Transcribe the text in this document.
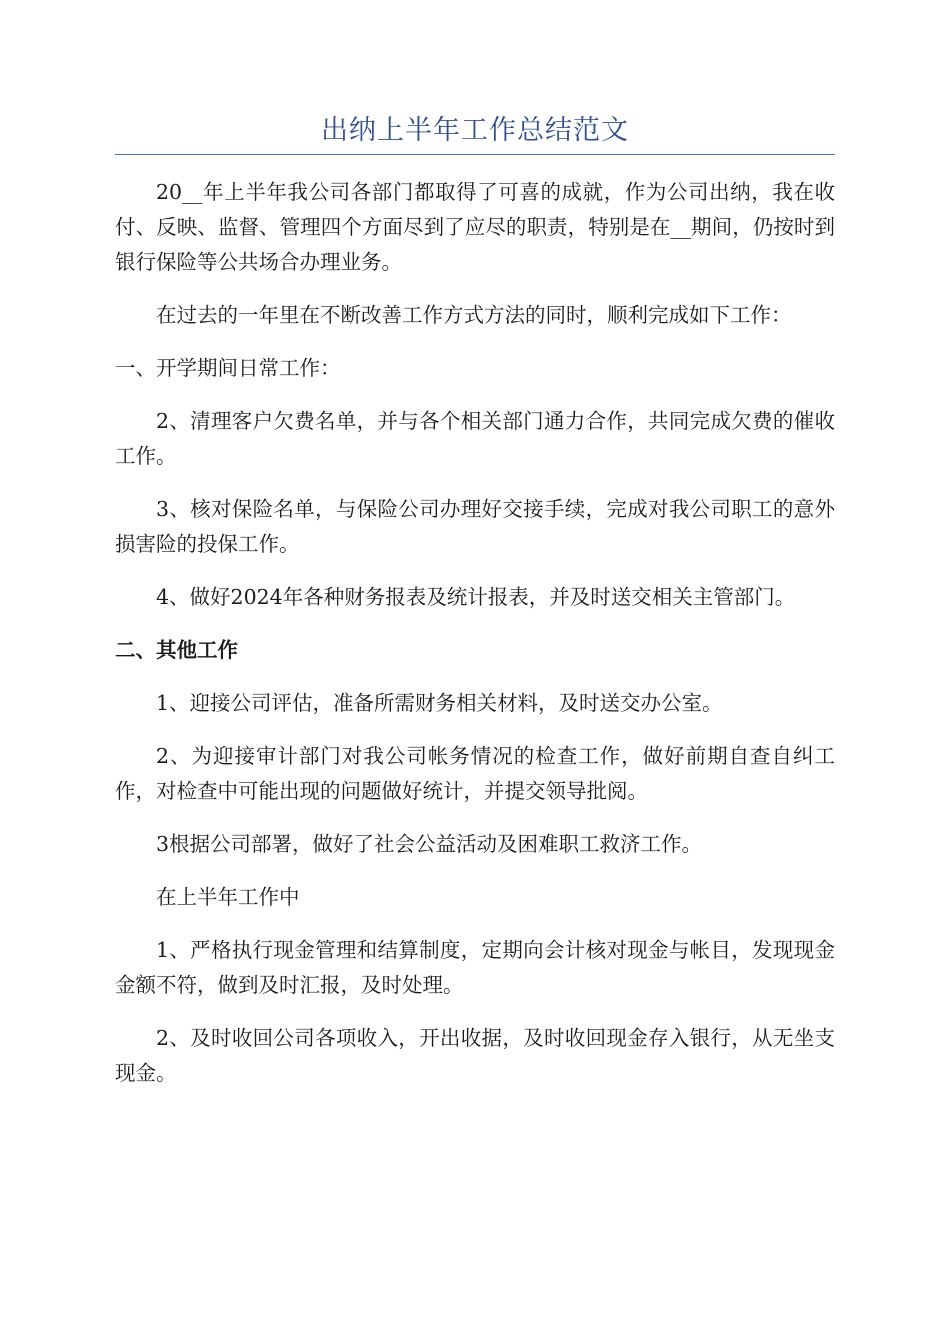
出纳上半年工作总结范文

20__年上半年我公司各部门都取得了可喜的成就，作为公司出纳，我在收付、反映、监督、管理四个方面尽到了应尽的职责，特别是在__期间，仍按时到银行保险等公共场合办理业务。

在过去的一年里在不断改善工作方式方法的同时，顺利完成如下工作：

一、开学期间日常工作：

2、清理客户欠费名单，并与各个相关部门通力合作，共同完成欠费的催收工作。

3、核对保险名单，与保险公司办理好交接手续，完成对我公司职工的意外损害险的投保工作。

4、做好2024年各种财务报表及统计报表，并及时送交相关主管部门。

二、其他工作

1、迎接公司评估，准备所需财务相关材料，及时送交办公室。

2、为迎接审计部门对我公司帐务情况的检查工作，做好前期自查自纠工作，对检查中可能出现的问题做好统计，并提交领导批阅。

3根据公司部署，做好了社会公益活动及困难职工救济工作。

在上半年工作中

1、严格执行现金管理和结算制度，定期向会计核对现金与帐目，发现现金金额不符，做到及时汇报，及时处理。

2、及时收回公司各项收入，开出收据，及时收回现金存入银行，从无坐支现金。
